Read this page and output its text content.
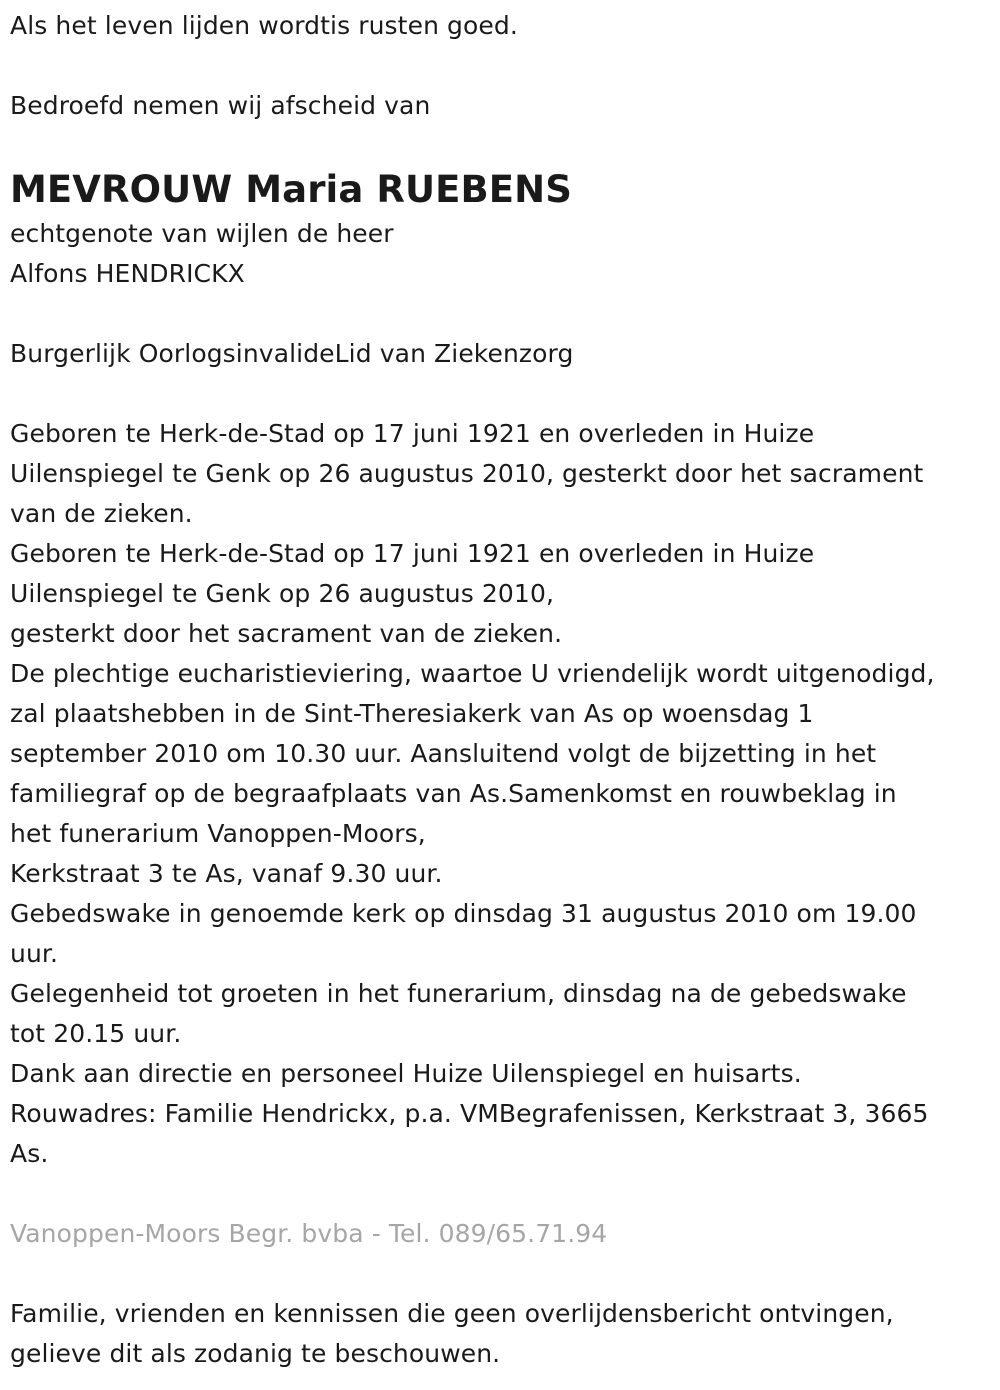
Als het leven lijden wordtis rusten goed.

Bedroefd nemen wij afscheid van

MEVROUW Maria RUEBENS

echtgenote van wijlen de heer

Alfons HENDRICKX

Burgerlijk OorlogsinvalideLid van Ziekenzorg

Geboren te Herk-de-Stad op 17 juni 1921 en overleden in Huize

Uilenspiegel te Genk op 26 augustus 2010, gesterkt door het sacrament

van de zieken.

Geboren te Herk-de-Stad op 17 juni 1921 en overleden in Huize

Uilenspiegel te Genk op 26 augustus 2010,

gesterkt door het sacrament van de zieken.

De plechtige eucharistieviering, waartoe U vriendelijk wordt uitgenodigd,

zal plaatshebben in de Sint-Theresiakerk van As op woensdag 1

september 2010 om 10.30 uur. Aansluitend volgt de bijzetting in het

familiegraf op de begraafplaats van As.Samenkomst en rouwbeklag in

het funerarium Vanoppen-Moors,

Kerkstraat 3 te As, vanaf 9.30 uur.

Gebedswake in genoemde kerk op dinsdag 31 augustus 2010 om 19.00

uur.

Gelegenheid tot groeten in het funerarium, dinsdag na de gebedswake

tot 20.15 uur.

Dank aan directie en personeel Huize Uilenspiegel en huisarts.

Rouwadres: Familie Hendrickx, p.a. VMBegrafenissen, Kerkstraat 3, 3665

As.

Vanoppen-Moors Begr. bvba - Tel. 089/65.71.94

Familie, vrienden en kennissen die geen overlijdensbericht ontvingen,

gelieve dit als zodanig te beschouwen.
